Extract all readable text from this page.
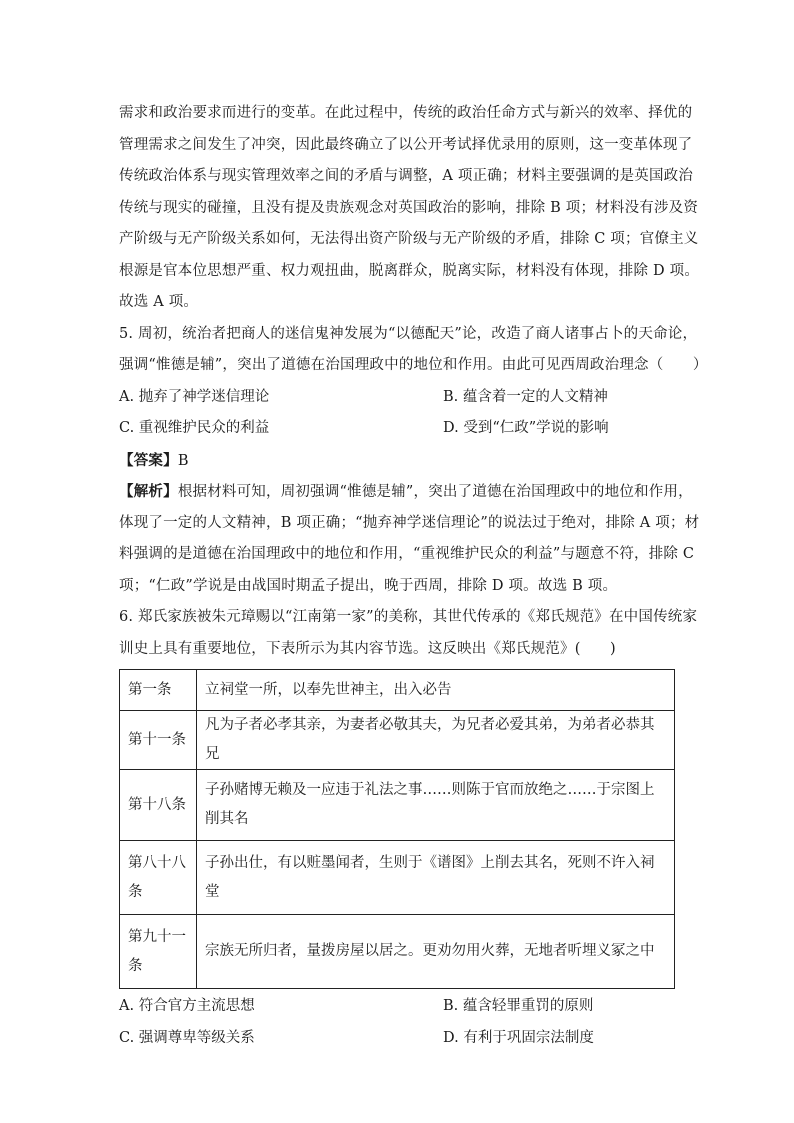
需求和政治要求而进行的变革。在此过程中，传统的政治任命方式与新兴的效率、择优的
管理需求之间发生了冲突，因此最终确立了以公开考试择优录用的原则，这一变革体现了
传统政治体系与现实管理效率之间的矛盾与调整，A 项正确；材料主要强调的是英国政治
传统与现实的碰撞，且没有提及贵族观念对英国政治的影响，排除 B 项；材料没有涉及资
产阶级与无产阶级关系如何，无法得出资产阶级与无产阶级的矛盾，排除 C 项；官僚主义
根源是官本位思想严重、权力观扭曲，脱离群众，脱离实际，材料没有体现，排除 D 项。
故选 A 项。
5. 周初，统治者把商人的迷信鬼神发展为“以德配天”论，改造了商人诸事占卜的天命论，
强调“惟德是辅”，突出了道德在治国理政中的地位和作用。由此可见西周政治理念（　　）
A. 抛弃了神学迷信理论	B. 蕴含着一定的人文精神
C. 重视维护民众的利益	D. 受到“仁政”学说的影响
【答案】B
【解析】根据材料可知，周初强调“惟德是辅”，突出了道德在治国理政中的地位和作用，
体现了一定的人文精神，B 项正确；“抛弃神学迷信理论”的说法过于绝对，排除 A 项；材
料强调的是道德在治国理政中的地位和作用，“重视维护民众的利益”与题意不符，排除 C
项；“仁政”学说是由战国时期孟子提出，晚于西周，排除 D 项。故选 B 项。
6. 郑氏家族被朱元璋赐以“江南第一家”的美称，其世代传承的《郑氏规范》在中国传统家
训史上具有重要地位，下表所示为其内容节选。这反映出《郑氏规范》(　　)
第一条	立祠堂一所，以奉先世神主，出入必告
第十一条	凡为子者必孝其亲，为妻者必敬其夫，为兄者必爱其弟，为弟者必恭其兄
第十八条	子孙赌博无赖及一应违于礼法之事……则陈于官而放绝之……于宗图上削其名
第八十八条	子孙出仕，有以赃墨闻者，生则于《谱图》上削去其名，死则不许入祠堂
第九十一条	宗族无所归者，量拨房屋以居之。更劝勿用火葬，无地者听埋义冢之中
A. 符合官方主流思想	B. 蕴含轻罪重罚的原则
C. 强调尊卑等级关系	D. 有利于巩固宗法制度
